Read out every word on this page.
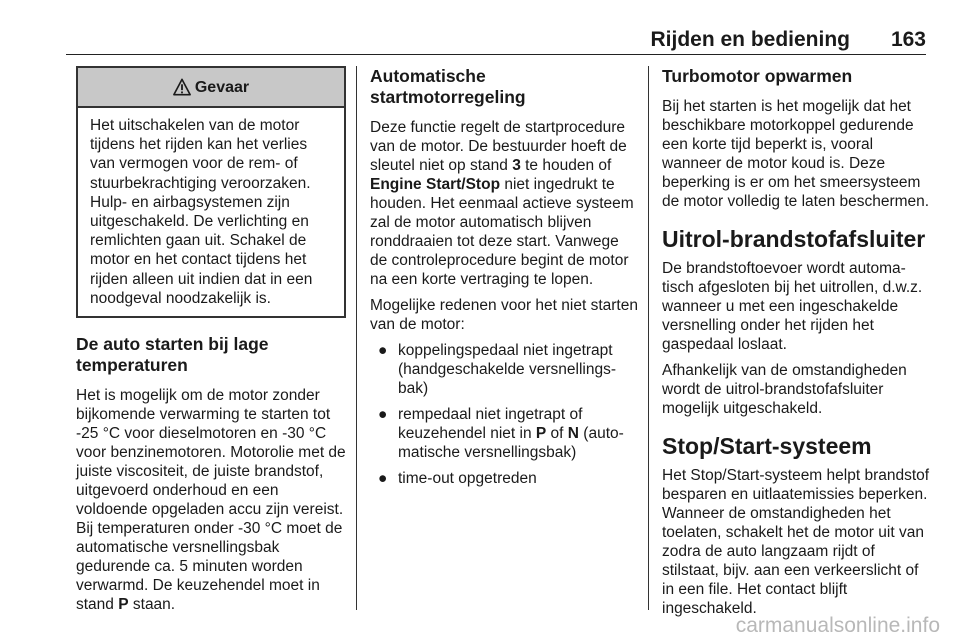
Rijden en bediening 163
Gevaar
Het uitschakelen van de motor tijdens het rijden kan het verlies van vermogen voor de rem- of stuurbekrachtiging veroorzaken. Hulp- en airbagsystemen zijn uitgeschakeld. De verlichting en remlichten gaan uit. Schakel de motor en het contact tijdens het rijden alleen uit indien dat in een noodgeval noodzakelijk is.
De auto starten bij lage temperaturen

Het is mogelijk om de motor zonder bijkomende verwarming te starten tot -25 °C voor dieselmotoren en -30 °C voor benzinemotoren. Motorolie met de juiste viscositeit, de juiste brandstof, uitgevoerd onderhoud en een voldoende opgeladen accu zijn vereist. Bij temperaturen onder -30 °C moet de automatische versnellingsbak gedurende ca. 5 minuten worden verwarmd. De keuzehendel moet in stand P staan.

Automatische startmotorregeling

Deze functie regelt de startprocedure van de motor. De bestuurder hoeft de sleutel niet op stand 3 te houden of Engine Start/Stop niet ingedrukt te houden. Het eenmaal actieve systeem zal de motor automatisch blijven ronddraaien tot deze start. Vanwege de controleprocedure begint de motor na een korte vertraging te lopen.

Mogelijke redenen voor het niet starten van de motor:

● koppelingspedaal niet ingetrapt (handgeschakelde versnellingsbak)
● rempedaal niet ingetrapt of keuzehendel niet in P of N (automatische versnellingsbak)
● time-out opgetreden
Turbomotor opwarmen

Bij het starten is het mogelijk dat het beschikbare motorkoppel gedurende een korte tijd beperkt is, vooral wanneer de motor koud is. Deze beperking is er om het smeersysteem de motor volledig te laten beschermen.

Uitrol-brandstofafsluiter

De brandstoftoevoer wordt automatisch afgesloten bij het uitrollen, d.w.z. wanneer u met een ingeschakelde versnelling onder het rijden het gaspedaal loslaat.

Afhankelijk van de omstandigheden wordt de uitrol-brandstofafsluiter mogelijk uitgeschakeld.

Stop/Start-systeem

Het Stop/Start-systeem helpt brandstof besparen en uitlaatemissies beperken. Wanneer de omstandigheden het toelaten, schakelt het de motor uit van zodra de auto langzaam rijdt of stilstaat, bijv. aan een verkeerslicht of in een file. Het contact blijft ingeschakeld.

carmanualsonline.info
